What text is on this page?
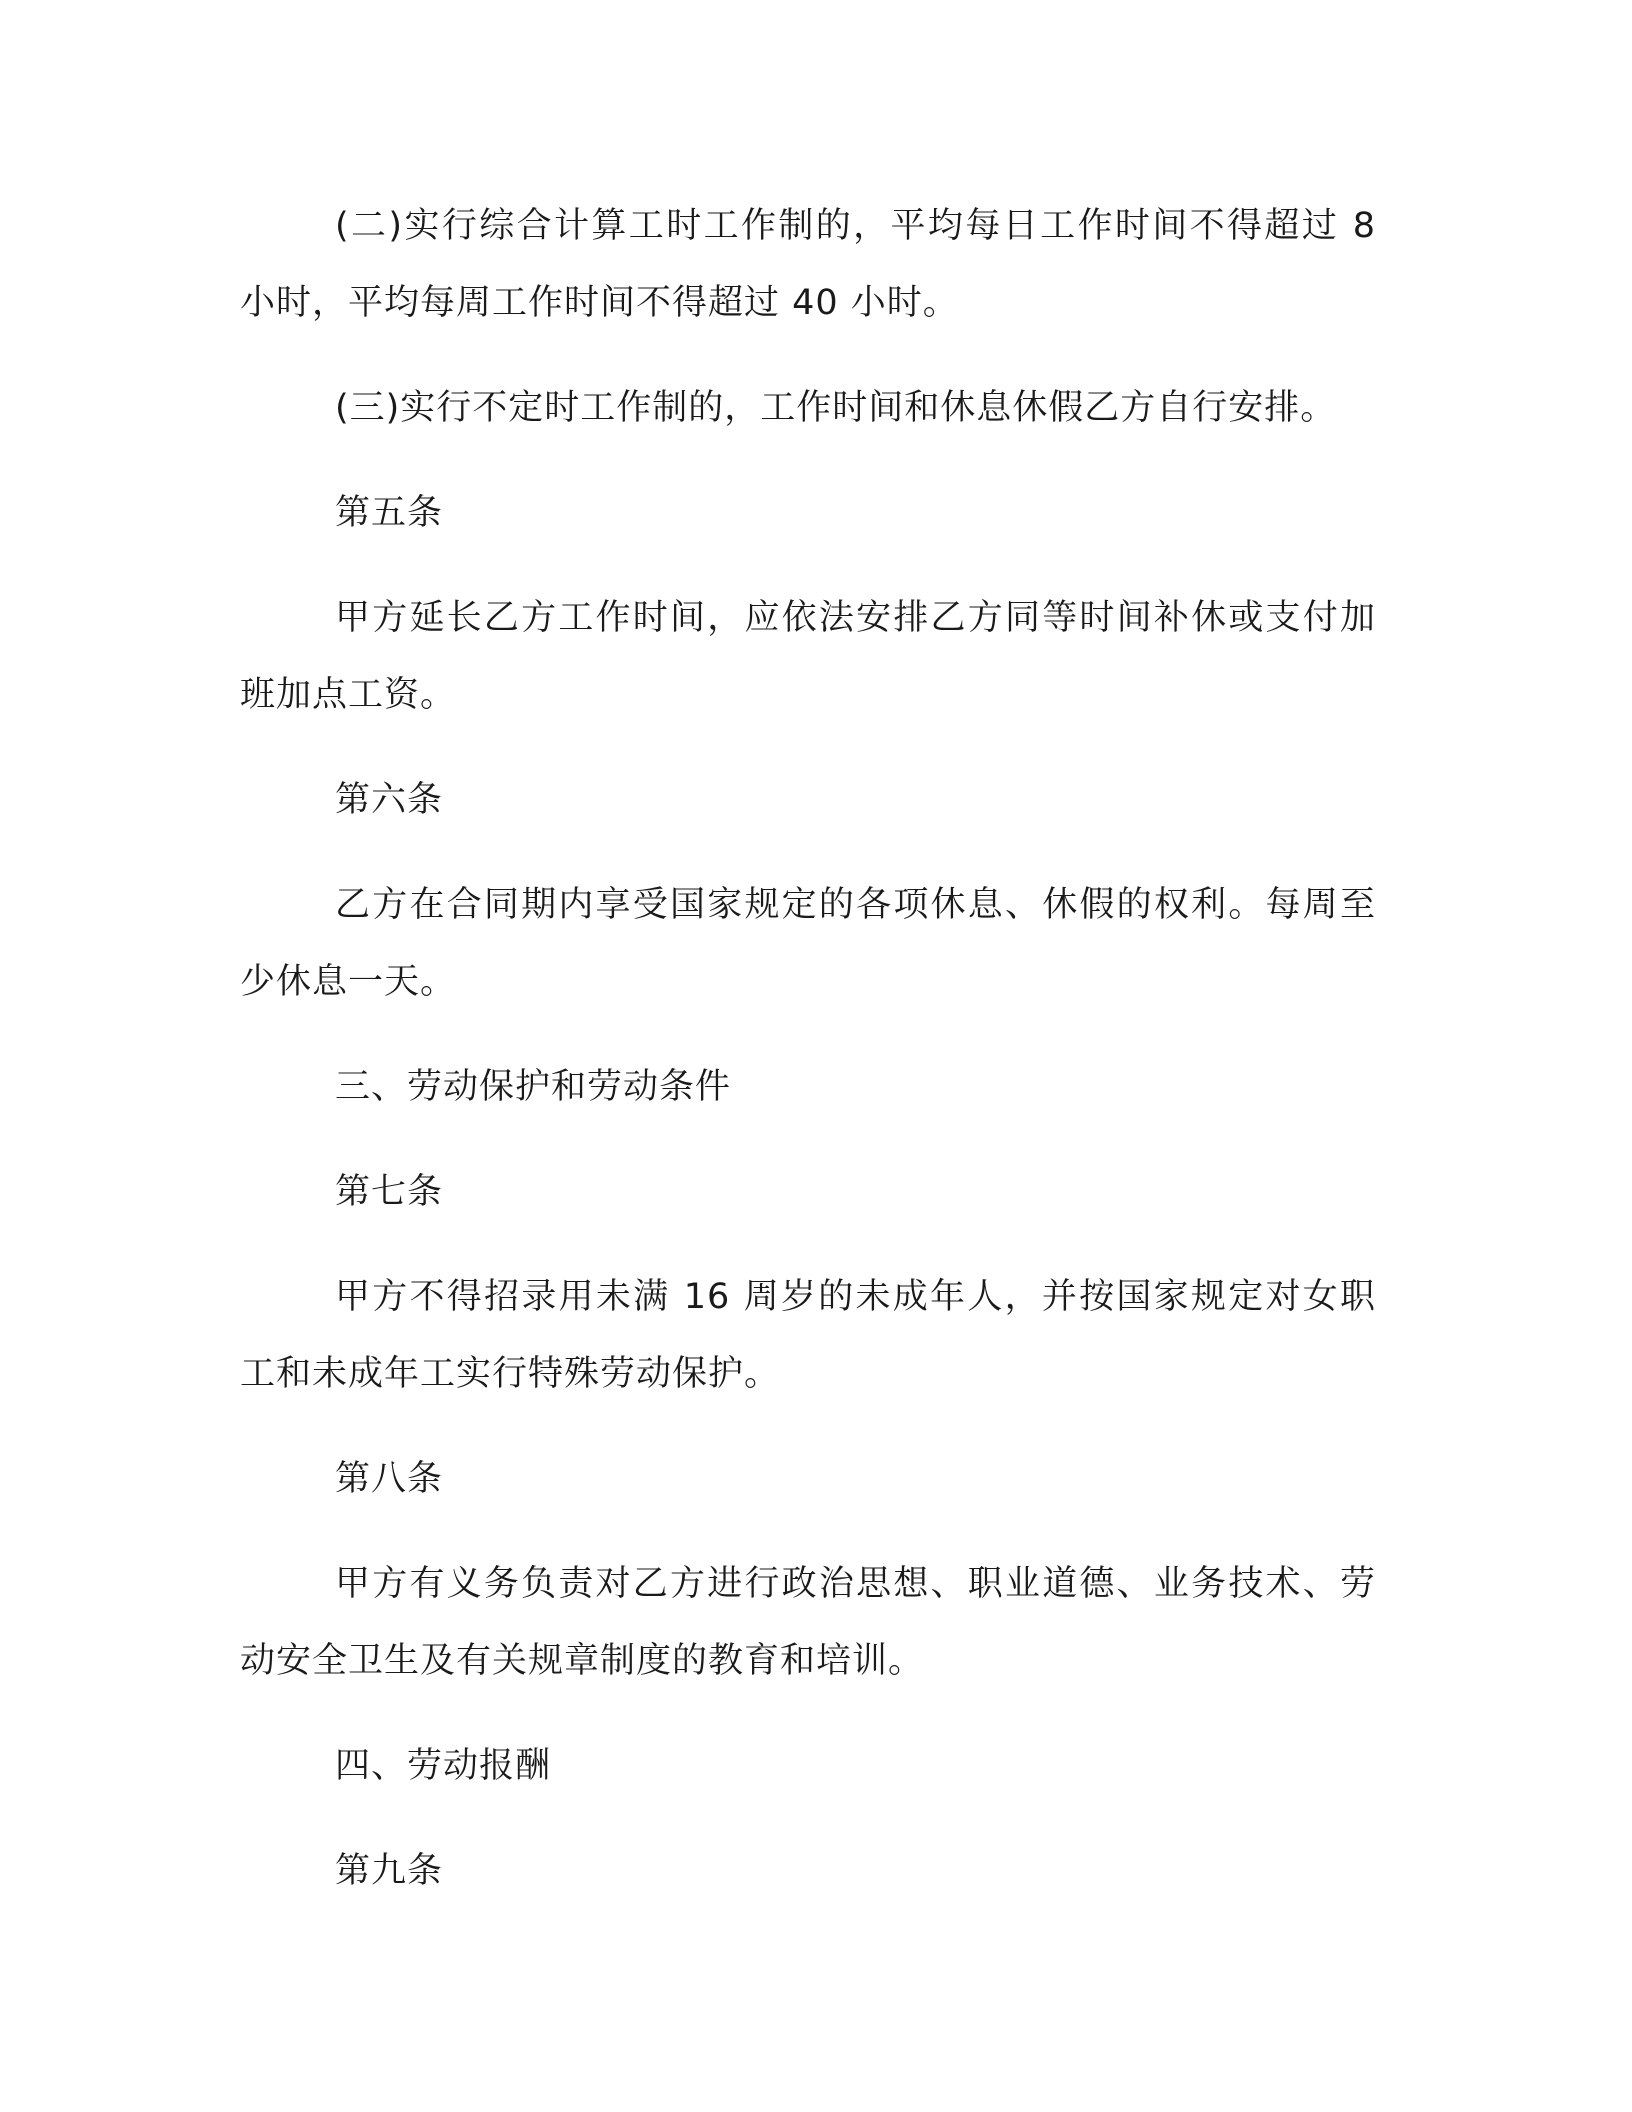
(二)实行综合计算工时工作制的，平均每日工作时间不得超过 8 小时，平均每周工作时间不得超过 40 小时。

(三)实行不定时工作制的，工作时间和休息休假乙方自行安排。

第五条

甲方延长乙方工作时间，应依法安排乙方同等时间补休或支付加班加点工资。

第六条

乙方在合同期内享受国家规定的各项休息、休假的权利。每周至少休息一天。

三、劳动保护和劳动条件

第七条

甲方不得招录用未满 16 周岁的未成年人，并按国家规定对女职工和未成年工实行特殊劳动保护。

第八条

甲方有义务负责对乙方进行政治思想、职业道德、业务技术、劳动安全卫生及有关规章制度的教育和培训。

四、劳动报酬

第九条
